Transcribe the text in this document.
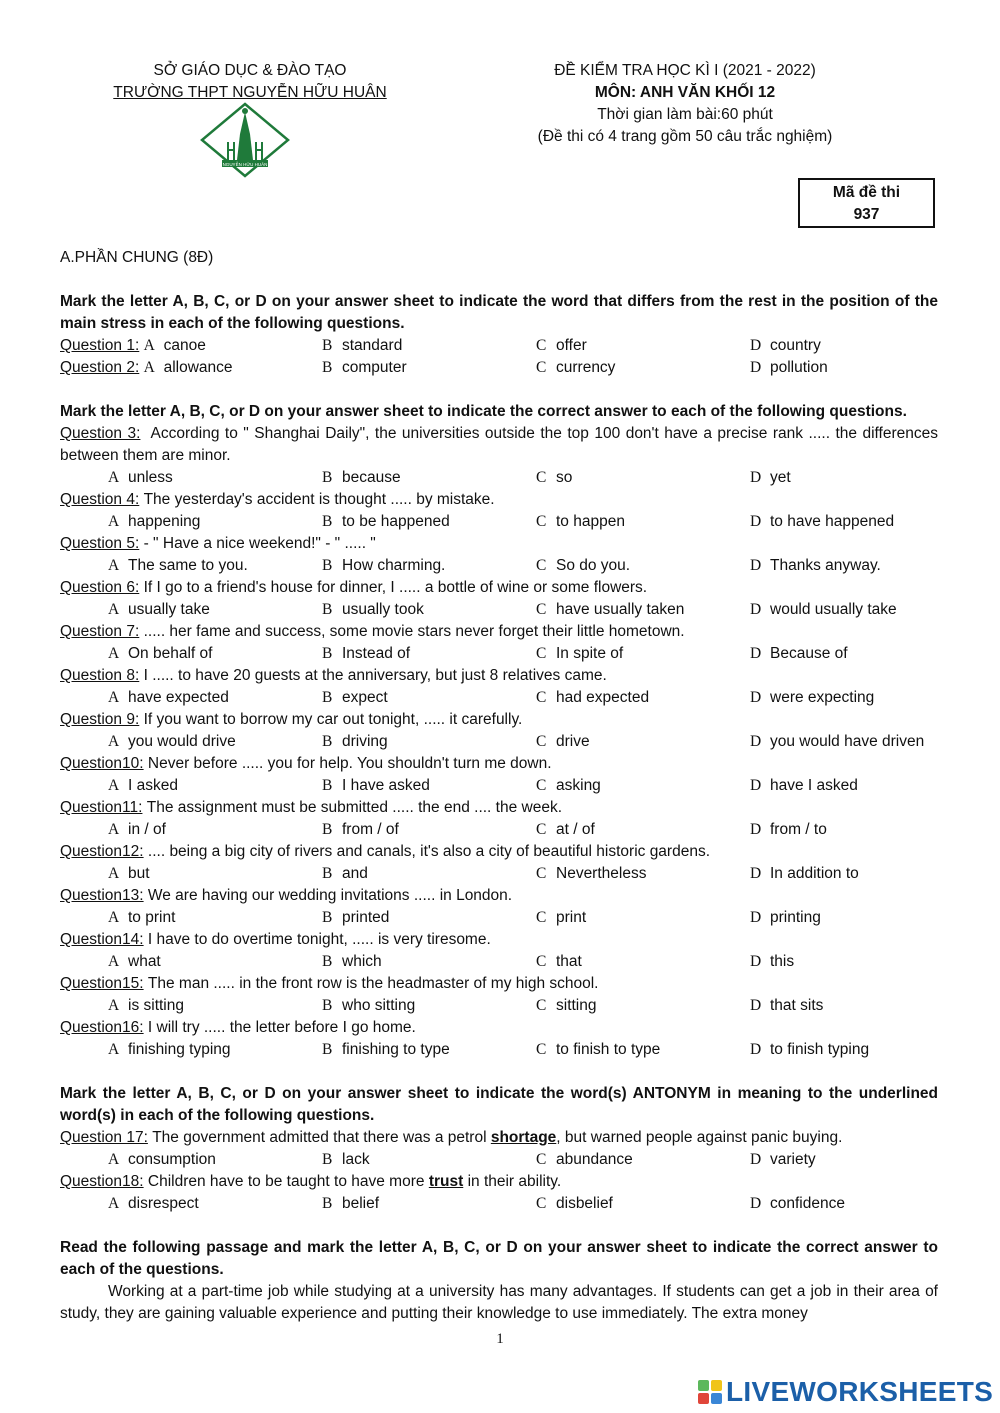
SỞ GIÁO DỤC & ĐÀO TẠO
TRƯỜNG THPT NGUYỄN HỮU HUÂN
NGUYỄN HỮU HUÂN
ĐỀ KIỂM TRA HỌC KÌ I (2021 - 2022)
MÔN: ANH VĂN KHỐI 12
Thời gian làm bài:60 phút
(Đề thi có 4 trang gồm 50 câu trắc nghiệm)
Mã đề thi
937
A.PHẦN CHUNG (8Đ)
Mark the letter A, B, C, or D on your answer sheet to indicate the word that differs from the rest in the position of the main stress in each of the following questions.
Question 1:
A canoe	B standard	C offer	D country
Question 2:
A allowance	B computer	C currency	D pollution
Mark the letter A, B, C, or D on your answer sheet to indicate the correct answer to each of the following questions.
Question 3: According to " Shanghai Daily", the universities outside the top 100 don't have a precise rank ..... the differences between them are minor.
A unless	B because	C so	D yet
Question 4:
The yesterday's accident is thought ..... by mistake.
A happening	B to be happened	C to happen	D to have happened
Question 5:
- " Have a nice weekend!" - " ..... "
A The same to you.	B How charming.	C So do you.	D Thanks anyway.
Question 6:
If I go to a friend's house for dinner, I ..... a bottle of wine or some flowers.
A usually take	B usually took	C have usually taken	D would usually take
Question 7:
..... her fame and success, some movie stars never forget their little hometown.
A On behalf of	B Instead of	C In spite of	D Because of
Question 8:
I ..... to have 20 guests at the anniversary, but just 8 relatives came.
A have expected	B expect	C had expected	D were expecting
Question 9:
If you want to borrow my car out tonight, ..... it carefully.
A you would drive	B driving	C drive	D you would have driven
Question10:
Never before ..... you for help. You shouldn't turn me down.
A I asked	B I have asked	C asking	D have I asked
Question11:
The assignment must be submitted ..... the end .... the week.
A in / of	B from / of	C at / of	D from / to
Question12:
.... being a big city of rivers and canals, it's also a city of beautiful historic gardens.
A but	B and	C Nevertheless	D In addition to
Question13:
We are having our wedding invitations ..... in London.
A to print	B printed	C print	D printing
Question14:
I have to do overtime tonight, ..... is very tiresome.
A what	B which	C that	D this
Question15:
The man ..... in the front row is the headmaster of my high school.
A is sitting	B who sitting	C sitting	D that sits
Question16:
I will try ..... the letter before I go home.
A finishing typing	B finishing to type	C to finish to type	D to finish typing
Mark the letter A, B, C, or D on your answer sheet to indicate the word(s) ANTONYM in meaning to the underlined word(s) in each of the following questions.
Question 17:
The government admitted that there was a petrol shortage , but warned people against panic buying.
A consumption	B lack	C abundance	D variety
Question18:
Children have to be taught to have more trust in their ability.
A disrespect	B belief	C disbelief	D confidence
Read the following passage and mark the letter A, B, C, or D on your answer sheet to indicate the correct answer to each of the questions.
Working at a part-time job while studying at a university has many advantages. If students can get a job in their area of study, they are gaining valuable experience and putting their knowledge to use immediately. The extra money
1
LIVEWORKSHEETS
